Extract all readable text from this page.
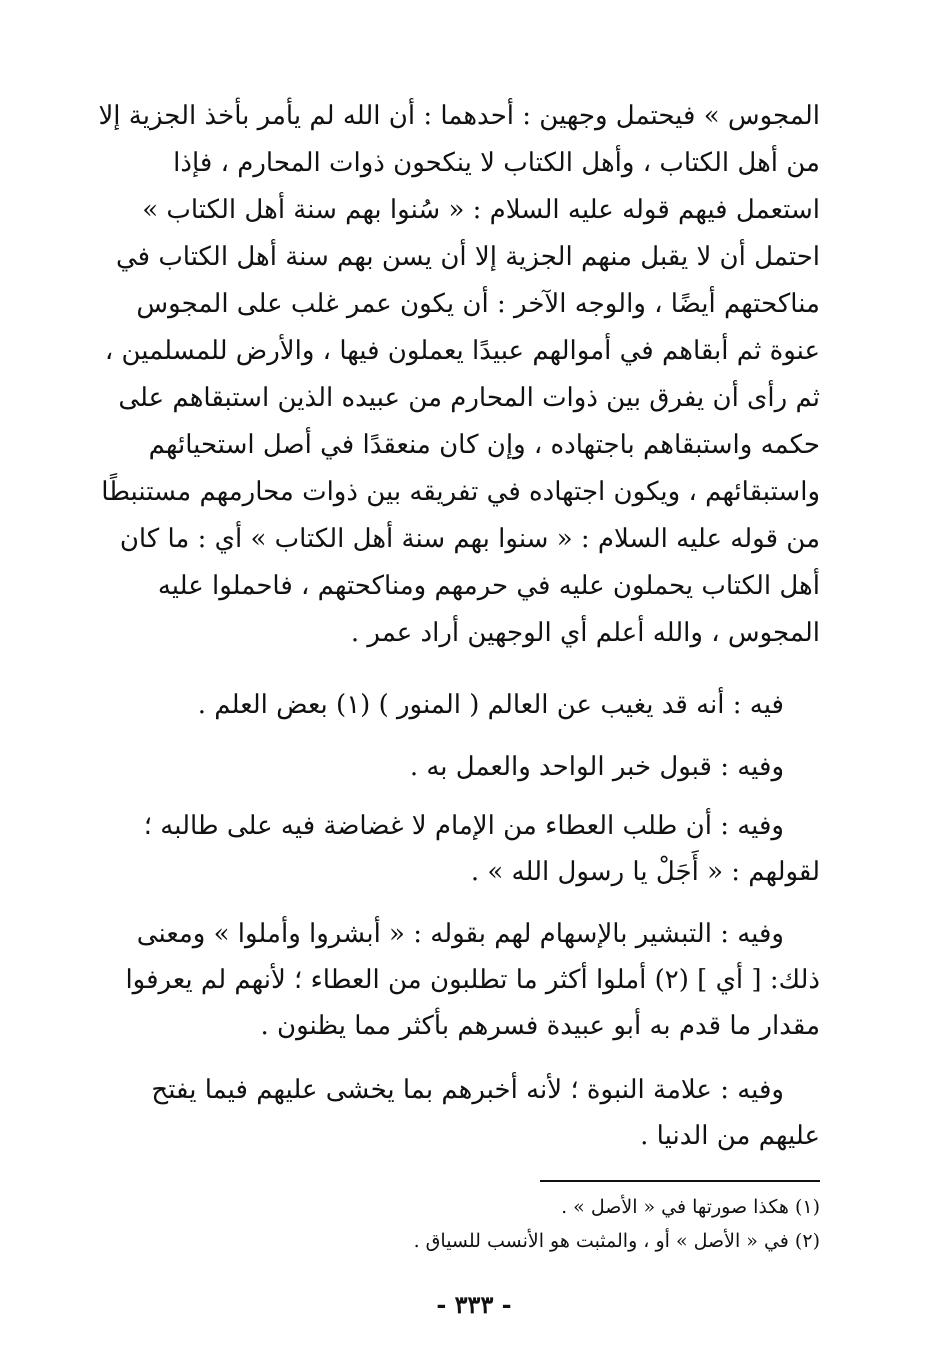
المجوس » فيحتمل وجهين : أحدهما : أن الله لم يأمر بأخذ الجزية إلا
من أهل الكتاب ، وأهل الكتاب لا ينكحون ذوات المحارم ، فإذا
استعمل فيهم قوله عليه السلام : « سُنوا بهم سنة أهل الكتاب »
احتمل أن لا يقبل منهم الجزية إلا أن يسن بهم سنة أهل الكتاب في
مناكحتهم أيضًا ، والوجه الآخر : أن يكون عمر غلب على المجوس
عنوة ثم أبقاهم في أموالهم عبيدًا يعملون فيها ، والأرض للمسلمين ،
ثم رأى أن يفرق بين ذوات المحارم من عبيده الذين استبقاهم على
حكمه واستبقاهم باجتهاده ، وإن كان منعقدًا في أصل استحيائهم
واستبقائهم ، ويكون اجتهاده في تفريقه بين ذوات محارمهم مستنبطًا
من قوله عليه السلام : « سنوا بهم سنة أهل الكتاب » أي : ما كان
أهل الكتاب يحملون عليه في حرمهم ومناكحتهم ، فاحملوا عليه
المجوس ، والله أعلم أي الوجهين أراد عمر .
فيه : أنه قد يغيب عن العالم ( المنور ) (١) بعض العلم .
وفيه : قبول خبر الواحد والعمل به .
وفيه : أن طلب العطاء من الإمام لا غضاضة فيه على طالبه ؛
لقولهم : « أَجَلْ يا رسول الله » .
وفيه : التبشير بالإسهام لهم بقوله : « أبشروا وأملوا » ومعنى
ذلك: [ أي ] (٢) أملوا أكثر ما تطلبون من العطاء ؛ لأنهم لم يعرفوا
مقدار ما قدم به أبو عبيدة فسرهم بأكثر مما يظنون .
وفيه : علامة النبوة ؛ لأنه أخبرهم بما يخشى عليهم فيما يفتح
عليهم من الدنيا .
(١) هكذا صورتها في « الأصل » .
(٢) في « الأصل » أو ، والمثبت هو الأنسب للسياق .
- ٣٣٣ -
